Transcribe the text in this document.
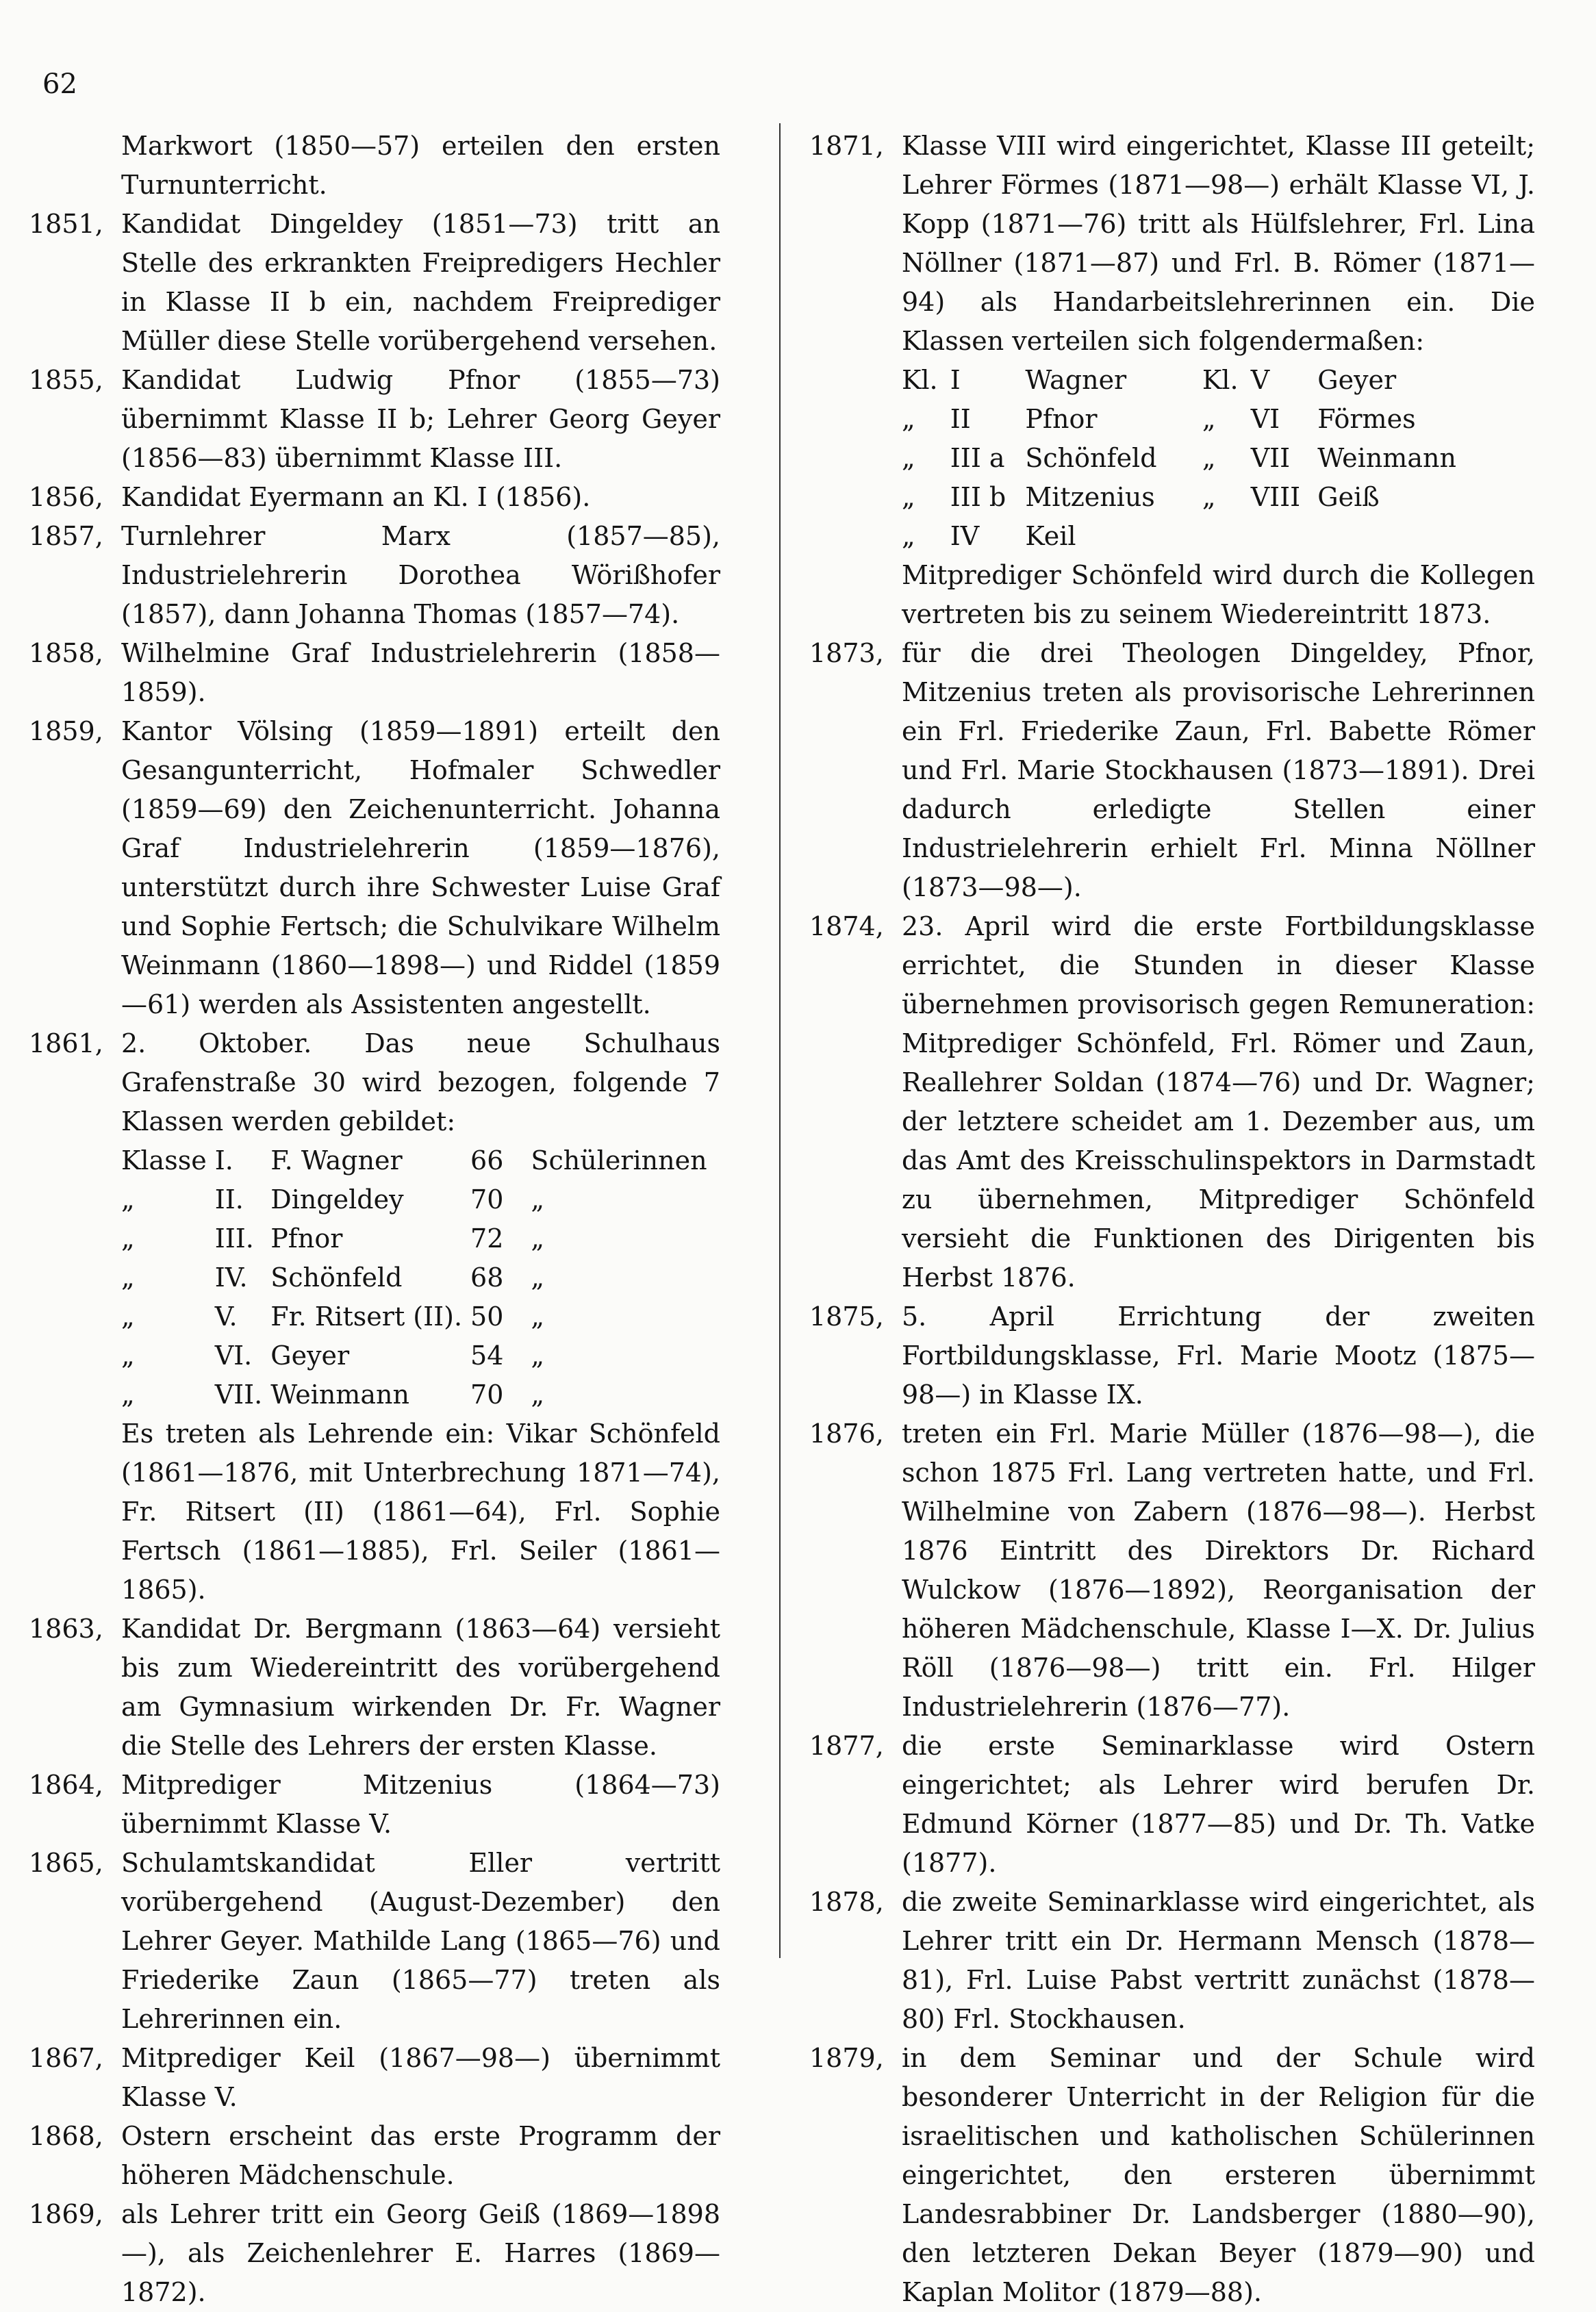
62
Markwort (1850—57) erteilen den ersten Turnunterricht.
1851, Kandidat Dingeldey (1851—73) tritt an Stelle des erkrankten Freipredigers Hechler in Klasse II b ein, nachdem Freiprediger Müller diese Stelle vorübergehend versehen.
1855, Kandidat Ludwig Pfnor (1855—73) übernimmt Klasse II b; Lehrer Georg Geyer (1856—83) übernimmt Klasse III.
1856, Kandidat Eyermann an Kl. I (1856).
1857, Turnlehrer Marx (1857—85), Industrielehrerin Dorothea Wörißhofer (1857), dann Johanna Thomas (1857—74).
1858, Wilhelmine Graf Industrielehrerin (1858—1859).
1859, Kantor Völsing (1859—1891) erteilt den Gesangunterricht, Hofmaler Schwedler (1859—69) den Zeichenunterricht. Johanna Graf Industrielehrerin (1859—1876), unterstützt durch ihre Schwester Luise Graf und Sophie Fertsch; die Schulvikare Wilhelm Weinmann (1860—1898—) und Riddel (1859—61) werden als Assistenten angestellt.
1861, 2. Oktober. Das neue Schulhaus Grafenstraße 30 wird bezogen, folgende 7 Klassen werden gebildet:
Klasse	I.	F. Wagner	66	Schülerinnen
„	II.	Dingeldey	70	„
„	III.	Pfnor	72	„
„	IV.	Schönfeld	68	„
„	V.	Fr. Ritsert (II).	50	„
„	VI.	Geyer	54	„
„	VII.	Weinmann	70	„
Es treten als Lehrende ein: Vikar Schönfeld (1861—1876, mit Unterbrechung 1871—74), Fr. Ritsert (II) (1861—64), Frl. Sophie Fertsch (1861—1885), Frl. Seiler (1861—1865).
1863, Kandidat Dr. Bergmann (1863—64) versieht bis zum Wiedereintritt des vorübergehend am Gymnasium wirkenden Dr. Fr. Wagner die Stelle des Lehrers der ersten Klasse.
1864, Mitprediger Mitzenius (1864—73) übernimmt Klasse V.
1865, Schulamtskandidat Eller vertritt vorübergehend (August-Dezember) den Lehrer Geyer. Mathilde Lang (1865—76) und Friederike Zaun (1865—77) treten als Lehrerinnen ein.
1867, Mitprediger Keil (1867—98—) übernimmt Klasse V.
1868, Ostern erscheint das erste Programm der höheren Mädchenschule.
1869, als Lehrer tritt ein Georg Geiß (1869—1898—), als Zeichenlehrer E. Harres (1869—1872).
1871, Klasse VIII wird eingerichtet, Klasse III geteilt; Lehrer Förmes (1871—98—) erhält Klasse VI, J. Kopp (1871—76) tritt als Hülfslehrer, Frl. Lina Nöllner (1871—87) und Frl. B. Römer (1871—94) als Handarbeitslehrerinnen ein. Die Klassen verteilen sich folgendermaßen:
Kl.	I	Wagner	Kl.	V	Geyer
„	II	Pfnor	„	VI	Förmes
„	III a	Schönfeld	„	VII	Weinmann
„	III b	Mitzenius	„	VIII	Geiß
„	IV	Keil			
Mitprediger Schönfeld wird durch die Kollegen vertreten bis zu seinem Wiedereintritt 1873.
1873, für die drei Theologen Dingeldey, Pfnor, Mitzenius treten als provisorische Lehrerinnen ein Frl. Friederike Zaun, Frl. Babette Römer und Frl. Marie Stockhausen (1873—1891). Drei dadurch erledigte Stellen einer Industrielehrerin erhielt Frl. Minna Nöllner (1873—98—).
1874, 23. April wird die erste Fortbildungsklasse errichtet, die Stunden in dieser Klasse übernehmen provisorisch gegen Remuneration: Mitprediger Schönfeld, Frl. Römer und Zaun, Reallehrer Soldan (1874—76) und Dr. Wagner; der letztere scheidet am 1. Dezember aus, um das Amt des Kreisschulinspektors in Darmstadt zu übernehmen, Mitprediger Schönfeld versieht die Funktionen des Dirigenten bis Herbst 1876.
1875, 5. April Errichtung der zweiten Fortbildungsklasse, Frl. Marie Mootz (1875—98—) in Klasse IX.
1876, treten ein Frl. Marie Müller (1876—98—), die schon 1875 Frl. Lang vertreten hatte, und Frl. Wilhelmine von Zabern (1876—98—). Herbst 1876 Eintritt des Direktors Dr. Richard Wulckow (1876—1892), Reorganisation der höheren Mädchenschule, Klasse I—X. Dr. Julius Röll (1876—98—) tritt ein. Frl. Hilger Industrielehrerin (1876—77).
1877, die erste Seminarklasse wird Ostern eingerichtet; als Lehrer wird berufen Dr. Edmund Körner (1877—85) und Dr. Th. Vatke (1877).
1878, die zweite Seminarklasse wird eingerichtet, als Lehrer tritt ein Dr. Hermann Mensch (1878—81), Frl. Luise Pabst vertritt zunächst (1878—80) Frl. Stockhausen.
1879, in dem Seminar und der Schule wird besonderer Unterricht in der Religion für die israelitischen und katholischen Schülerinnen eingerichtet, den ersteren übernimmt Landesrabbiner Dr. Landsberger (1880—90), den letzteren Dekan Beyer (1879—90) und Kaplan Molitor (1879—88).
